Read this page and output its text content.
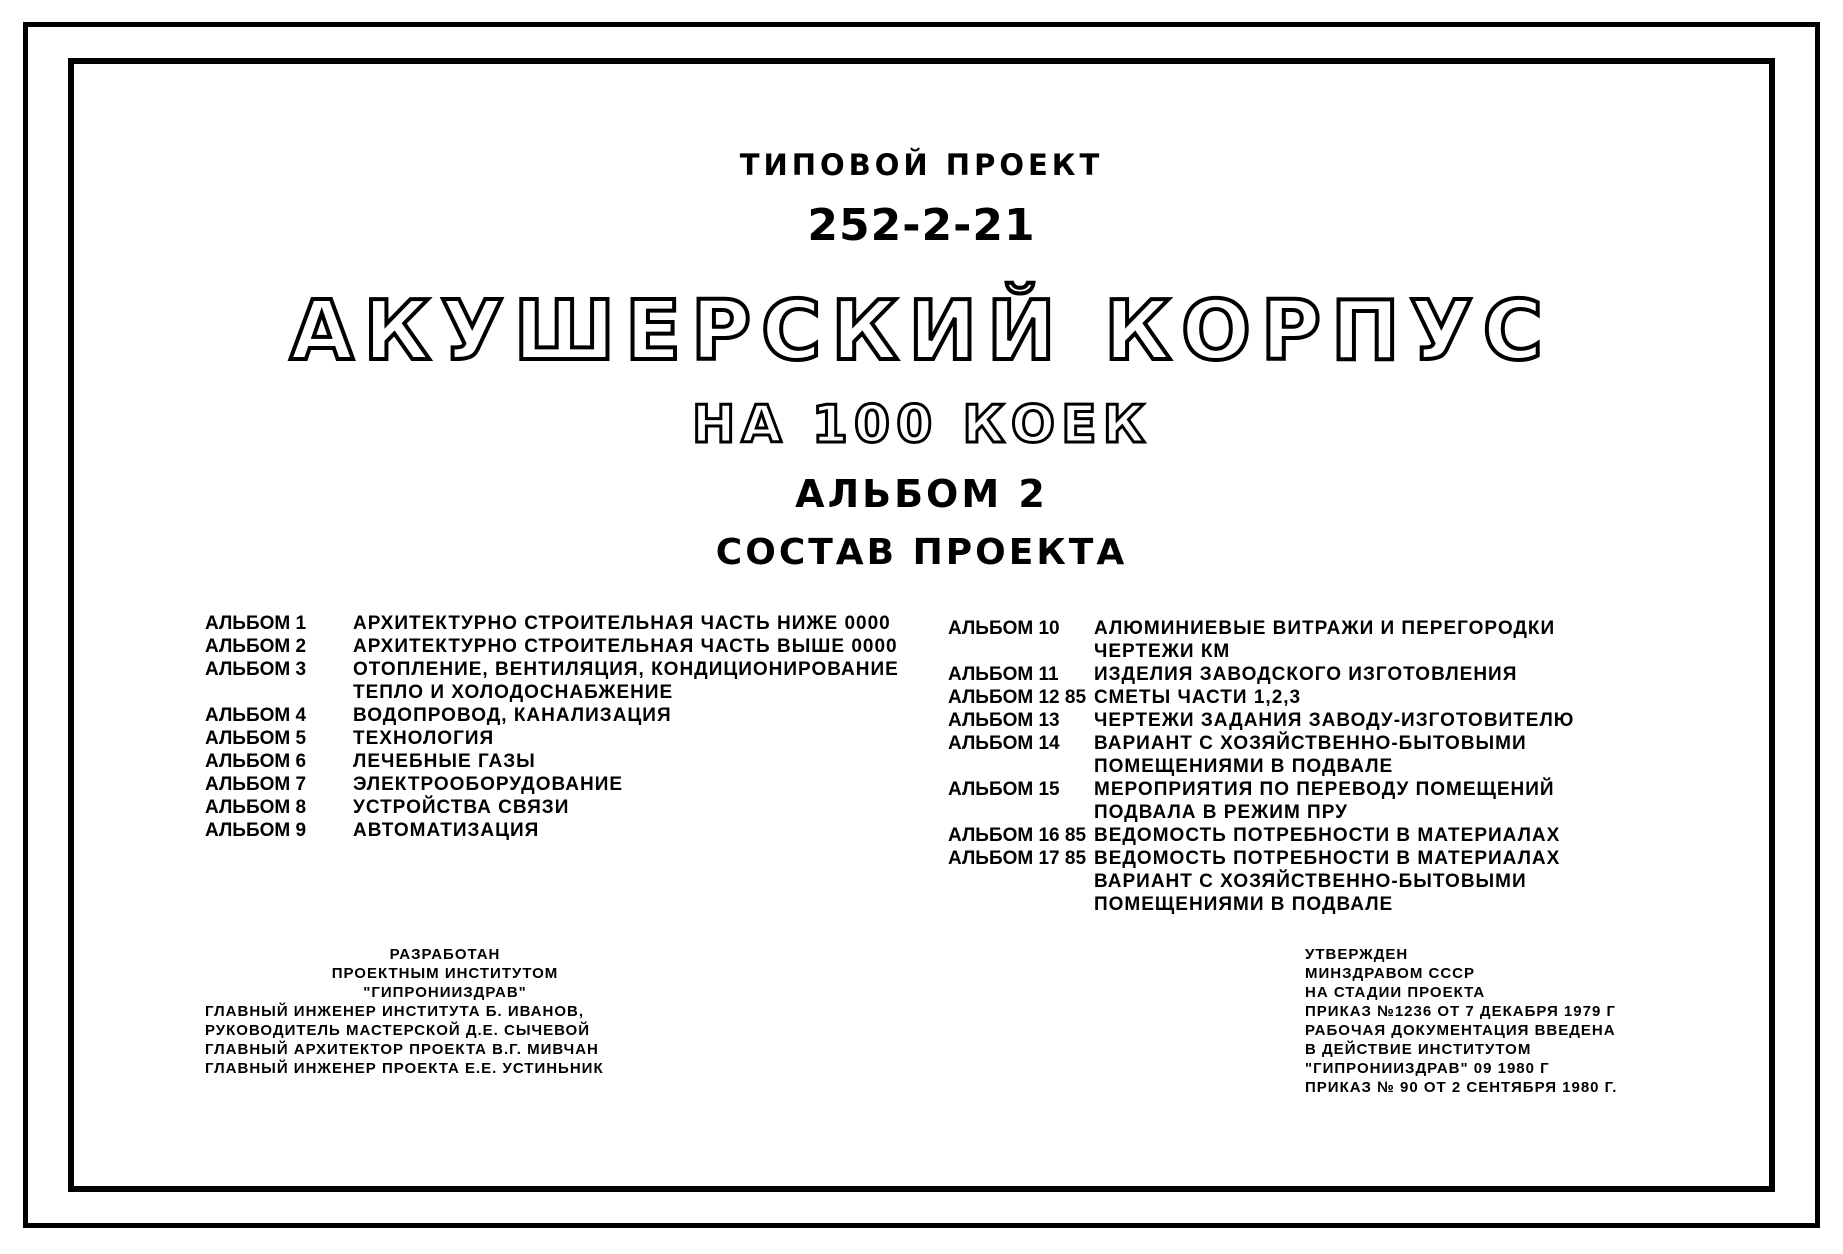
ТИПОВОЙ ПРОЕКТ
252-2-21
АКУШЕРСКИЙ КОРПУС
НА 100 КОЕК
АЛЬБОМ 2
СОСТАВ ПРОЕКТА
АЛЬБОМ 1	АРХИТЕКТУРНО СТРОИТЕЛЬНАЯ ЧАСТЬ НИЖЕ 0000
АЛЬБОМ 2	АРХИТЕКТУРНО СТРОИТЕЛЬНАЯ ЧАСТЬ ВЫШЕ 0000
АЛЬБОМ 3	ОТОПЛЕНИЕ, ВЕНТИЛЯЦИЯ, КОНДИЦИОНИРОВАНИЕ
ТЕПЛО И ХОЛОДОСНАБЖЕНИЕ
АЛЬБОМ 4	ВОДОПРОВОД, КАНАЛИЗАЦИЯ
АЛЬБОМ 5	ТЕХНОЛОГИЯ
АЛЬБОМ 6	ЛЕЧЕБНЫЕ ГАЗЫ
АЛЬБОМ 7	ЭЛЕКТРООБОРУДОВАНИЕ
АЛЬБОМ 8	УСТРОЙСТВА СВЯЗИ
АЛЬБОМ 9	АВТОМАТИЗАЦИЯ
АЛЬБОМ 10	АЛЮМИНИЕВЫЕ ВИТРАЖИ И ПЕРЕГОРОДКИ
ЧЕРТЕЖИ КМ
АЛЬБОМ 11	ИЗДЕЛИЯ ЗАВОДСКОГО ИЗГОТОВЛЕНИЯ
АЛЬБОМ 12 85 СМЕТЫ ЧАСТИ 1,2,3
АЛЬБОМ 13	ЧЕРТЕЖИ ЗАДАНИЯ ЗАВОДУ-ИЗГОТОВИТЕЛЮ
АЛЬБОМ 14	ВАРИАНТ С ХОЗЯЙСТВЕННО-БЫТОВЫМИ
ПОМЕЩЕНИЯМИ В ПОДВАЛЕ
АЛЬБОМ 15	МЕРОПРИЯТИЯ ПО ПЕРЕВОДУ ПОМЕЩЕНИЙ
ПОДВАЛА В РЕЖИМ ПРУ
АЛЬБОМ 16 85 ВЕДОМОСТЬ ПОТРЕБНОСТИ В МАТЕРИАЛАХ
АЛЬБОМ 17 85 ВЕДОМОСТЬ ПОТРЕБНОСТИ В МАТЕРИАЛАХ
ВАРИАНТ С ХОЗЯЙСТВЕННО-БЫТОВЫМИ
ПОМЕЩЕНИЯМИ В ПОДВАЛЕ
РАЗРАБОТАН
ПРОЕКТНЫМ ИНСТИТУТОМ
"ГИПРОНИИЗДРАВ"
ГЛАВНЫЙ ИНЖЕНЕР ИНСТИТУТА Б. ИВАНОВ,
РУКОВОДИТЕЛЬ МАСТЕРСКОЙ Д.Е. СЫЧЕВОЙ
ГЛАВНЫЙ АРХИТЕКТОР ПРОЕКТА В.Г. МИВЧАН
ГЛАВНЫЙ ИНЖЕНЕР ПРОЕКТА Е.Е. УСТИНЬНИК
УТВЕРЖДЕН
МИНЗДРАВОМ СССР
НА СТАДИИ ПРОЕКТА
ПРИКАЗ №1236 ОТ 7 ДЕКАБРЯ 1979 Г
РАБОЧАЯ ДОКУМЕНТАЦИЯ ВВЕДЕНА
В ДЕЙСТВИЕ ИНСТИТУТОМ
"ГИПРОНИИЗДРАВ" 09 1980 Г
ПРИКАЗ № 90 ОТ 2 СЕНТЯБРЯ 1980 Г.
